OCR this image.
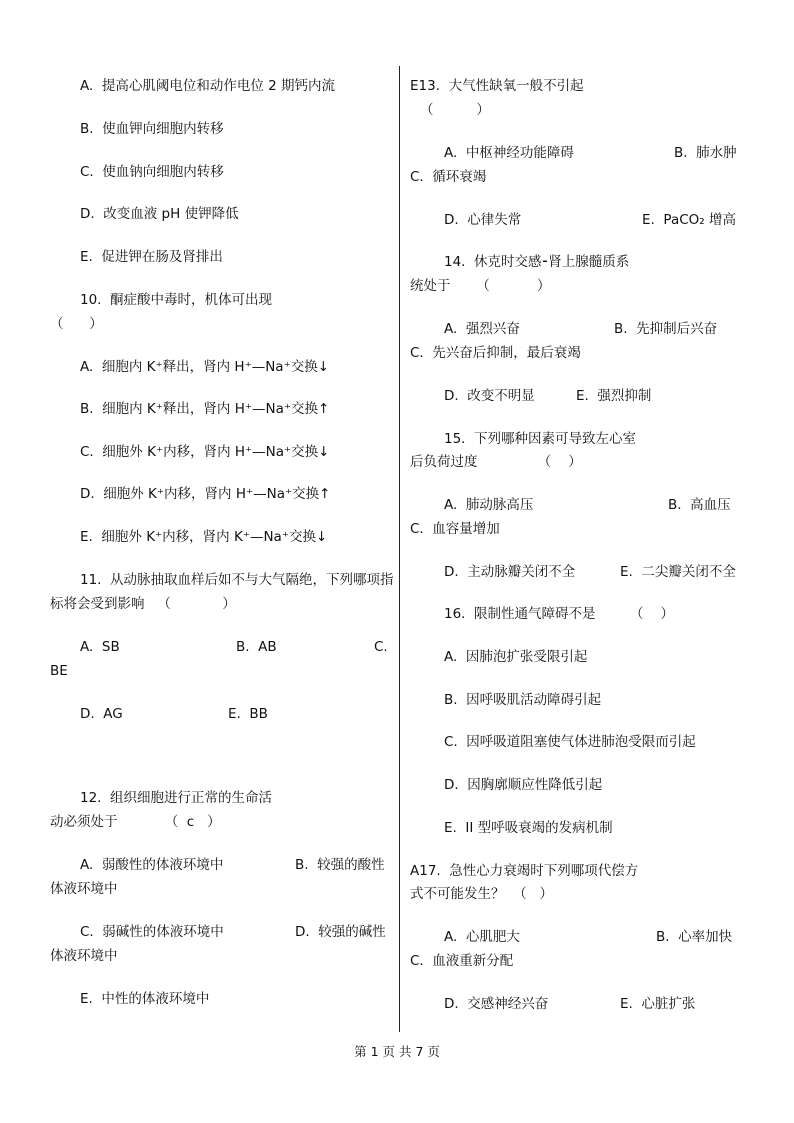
A.  提高心肌阈电位和动作电位 2 期钙内流
B.  使血钾向细胞内转移
C.  使血钠向细胞内转移
D.  改变血液 pH 使钾降低
E.  促进钾在肠及肾排出
10.  酮症酸中毒时，机体可出现
（      ）
A.  细胞内 K⁺释出，肾内 H⁺—Na⁺交换↓
B.  细胞内 K⁺释出，肾内 H⁺—Na⁺交换↑
C.  细胞外 K⁺内移，肾内 H⁺—Na⁺交换↓
D.  细胞外 K⁺内移，肾内 H⁺—Na⁺交换↑
E.  细胞外 K⁺内移，肾内 K⁺—Na⁺交换↓
11.  从动脉抽取血样后如不与大气隔绝，下列哪项指
标将会受到影响   （            ）
A.  SB	B.  AB	C.
BE
D.  AG	E.  BB
12.  组织细胞进行正常的生命活
动必须处于           （  c   ）
A.  弱酸性的体液环境中	B.  较强的酸性
体液环境中
C.  弱碱性的体液环境中	D.  较强的碱性
体液环境中
E.  中性的体液环境中
E13.  大气性缺氧一般不引起
（          ）
A.  中枢神经功能障碍	B.  肺水肿
C.  循环衰竭
D.  心律失常	E.  PaCO₂ 增高
14.  休克时交感⁃肾上腺髓质系
统处于      （           ）
A.  强烈兴奋	B.  先抑制后兴奋
C.  先兴奋后抑制，最后衰竭
D.  改变不明显	E.  强烈抑制
15.  下列哪种因素可导致左心室
后负荷过度              （    ）
A.  肺动脉高压	B.  高血压
C.  血容量增加
D.  主动脉瓣关闭不全	E.  二尖瓣关闭不全
16.  限制性通气障碍不是        （    ）
A.  因肺泡扩张受限引起
B.  因呼吸肌活动障碍引起
C.  因呼吸道阻塞使气体进肺泡受限而引起
D.  因胸廓顺应性降低引起
E.  II 型呼吸衰竭的发病机制
A17.  急性心力衰竭时下列哪项代偿方
式不可能发生？  （   ）
A.  心肌肥大	B.  心率加快
C.  血液重新分配
D.  交感神经兴奋	E.  心脏扩张
第 1 页 共 7 页
